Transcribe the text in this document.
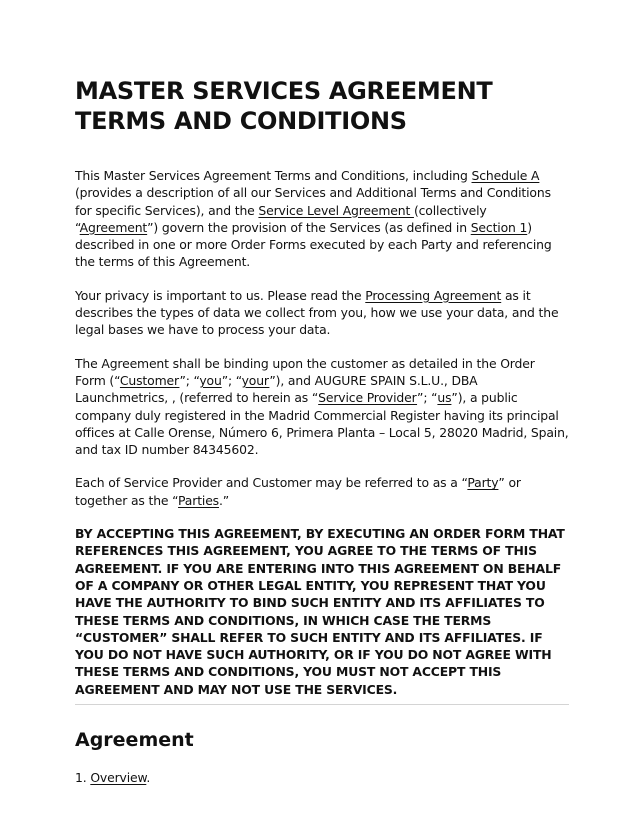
MASTER SERVICES AGREEMENT TERMS AND CONDITIONS

This Master Services Agreement Terms and Conditions, including Schedule A (provides a description of all our Services and Additional Terms and Conditions for specific Services), and the Service Level Agreement (collectively “Agreement”) govern the provision of the Services (as defined in Section 1) described in one or more Order Forms executed by each Party and referencing the terms of this Agreement.

Your privacy is important to us. Please read the Processing Agreement as it describes the types of data we collect from you, how we use your data, and the legal bases we have to process your data.

The Agreement shall be binding upon the customer as detailed in the Order Form (“Customer”; “you”; “your”), and AUGURE SPAIN S.L.U., DBA Launchmetrics, , (referred to herein as “Service Provider”; “us”), a public company duly registered in the Madrid Commercial Register having its principal offices at Calle Orense, Número 6, Primera Planta – Local 5, 28020 Madrid, Spain, and tax ID number 84345602.

Each of Service Provider and Customer may be referred to as a “Party” or together as the “Parties.”

BY ACCEPTING THIS AGREEMENT, BY EXECUTING AN ORDER FORM THAT REFERENCES THIS AGREEMENT, YOU AGREE TO THE TERMS OF THIS AGREEMENT. IF YOU ARE ENTERING INTO THIS AGREEMENT ON BEHALF OF A COMPANY OR OTHER LEGAL ENTITY, YOU REPRESENT THAT YOU HAVE THE AUTHORITY TO BIND SUCH ENTITY AND ITS AFFILIATES TO THESE TERMS AND CONDITIONS, IN WHICH CASE THE TERMS “CUSTOMER” SHALL REFER TO SUCH ENTITY AND ITS AFFILIATES. IF YOU DO NOT HAVE SUCH AUTHORITY, OR IF YOU DO NOT AGREE WITH THESE TERMS AND CONDITIONS, YOU MUST NOT ACCEPT THIS AGREEMENT AND MAY NOT USE THE SERVICES.

Agreement

1. Overview.
